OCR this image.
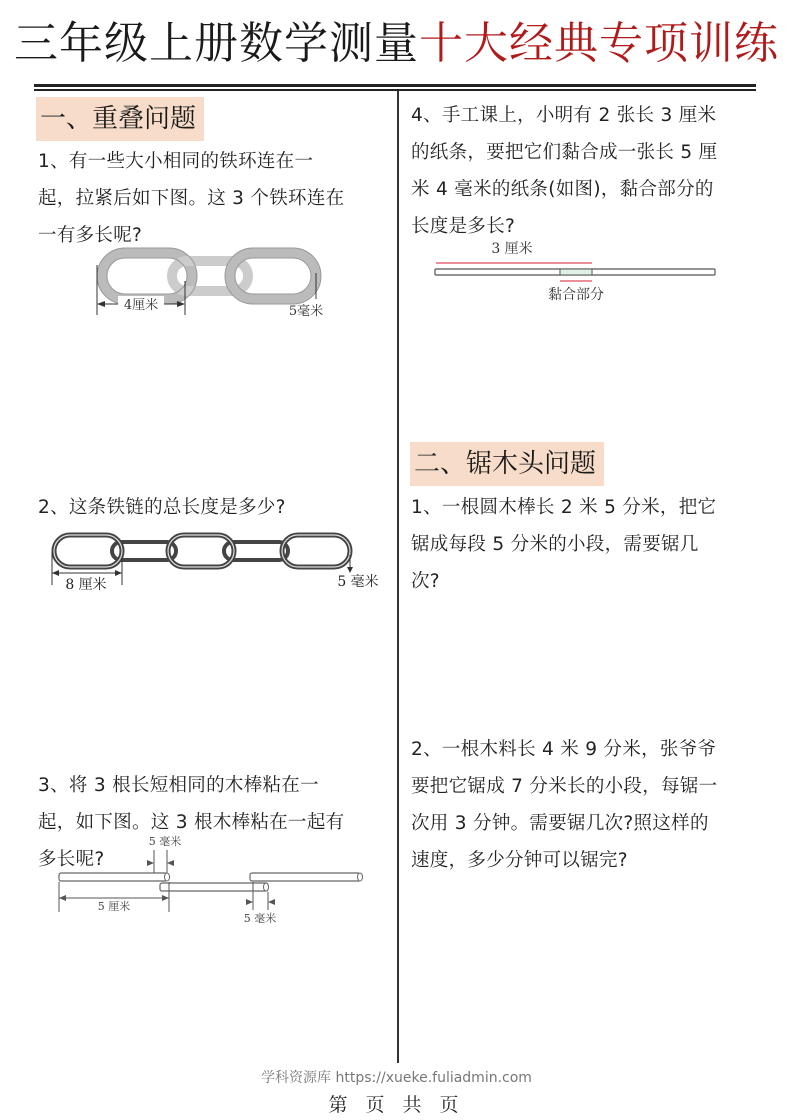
三年级上册数学测量十大经典专项训练
一、重叠问题

1、有一些大小相同的铁环连在一

起，拉紧后如下图。这 3 个铁环连在

一有多长呢?

4厘米	5毫米

2、这条铁链的总长度是多少?

8 厘米	5 毫米

3、将 3 根长短相同的木棒粘在一

起，如下图。这 3 根木棒粘在一起有

多长呢?

5 毫米
5 厘米
5 毫米

4、手工课上，小明有 2 张长 3 厘米

的纸条，要把它们黏合成一张长 5 厘

米 4 毫米的纸条(如图)，黏合部分的

长度是多长?

3 厘米
黏合部分
二、锯木头问题

1、一根圆木棒长 2 米 5 分米，把它

锯成每段 5 分米的小段，需要锯几

次?

2、一根木料长 4 米 9 分米，张爷爷

要把它锯成 7 分米长的小段，每锯一

次用 3 分钟。需要锯几次?照这样的

速度，多少分钟可以锯完?

学科资源库 https://xueke.fuliadmin.com
第 页 共 页
